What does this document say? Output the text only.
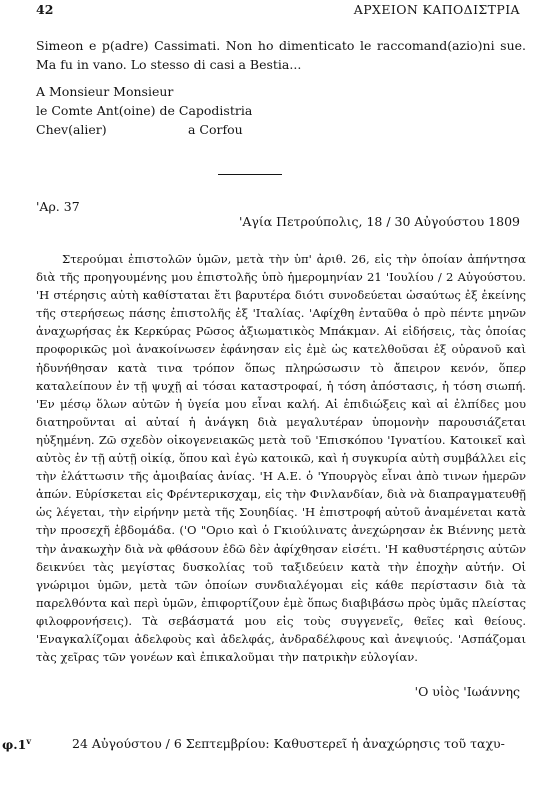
42	ΑΡΧΕΙΟΝ ΚΑΠΟΔΙΣΤΡΙΑ
Simeon e p(adre) Cassimati. Non ho dimenticato le raccomand(azio)ni sue. Ma fu in vano. Lo stesso di casi a Bestia...
A Monsieur Monsieur
le Comte Ant(oine) de Capodistria
Chev(alier)	a Corfou
'Αρ. 37
'Αγία Πετρούπολις, 18 / 30 Αὐγούστου 1809

Στερούμαι ἐπιστολῶν ὑμῶν, μετὰ τὴν ὑπ' ἀριθ. 26, εἰς τὴν ὁποίαν ἀπήντησα διὰ τῆς προηγουμένης μου ἐπιστολῆς ὑπὸ ἡμερομηνίαν 21 'Ιουλίου / 2 Αὐγούστου. 'Η στέρησις αὐτὴ καθίσταται ἔτι βαρυτέρα διότι συνοδεύεται ὡσαύτως ἐξ ἐκείνης τῆς στερήσεως πάσης ἐπιστολῆς ἐξ 'Ιταλίας. 'Αφίχθη ἐνταῦθα ὁ πρὸ πέντε μηνῶν ἀναχωρήσας ἐκ Κερκύρας Ρῶσος ἀξιωματικὸς Μπάκμαν. Αἱ εἰδήσεις, τὰς ὁποίας προφορικῶς μοὶ ἀνακοίνωσεν ἐφάνησαν εἰς ἐμὲ ὡς κατελθοῦσαι ἐξ οὐρανοῦ καὶ ἠδυνήθησαν κατὰ τινα τρόπον ὅπως πληρώσωσιν τὸ ἄπειρον κενόν, ὅπερ καταλείπουν ἐν τῇ ψυχῇ αἱ τόσαι καταστροφαί, ἡ τόση ἀπόστασις, ἡ τόση σιωπή. 'Εν μέσῳ ὅλων αὐτῶν ἡ ὑγεία μου εἶναι καλή. Αἱ ἐπιδιώξεις καὶ αἱ ἐλπίδες μου διατηροῦνται αἱ αὐταί ἡ ἀνάγκη διὰ μεγαλυτέραν ὑπομονὴν παρουσιάζεται ηὐξημένη. Ζῶ σχεδὸν οἰκογενειακῶς μετὰ τοῦ 'Επισκόπου 'Ιγνατίου. Κατοικεῖ καὶ αὐτὸς ἐν τῇ αὐτῇ οἰκίᾳ, ὅπου καὶ ἐγὼ κατοικῶ, καὶ ἡ συγκυρία αὐτὴ συμβάλλει εἰς τὴν ἐλάττωσιν τῆς ἀμοιβαίας ἀνίας. 'Η Α.Ε. ὁ 'Υπουργὸς εἶναι ἀπὸ τινων ἡμερῶν ἀπών. Εὑρίσκεται εἰς Φρέντερικσχαμ, εἰς τὴν Φινλανδίαν, διὰ νὰ διαπραγματευθῇ ὡς λέγεται, τὴν εἰρήνην μετὰ τῆς Σουηδίας. 'Η ἐπιστροφή αὐτοῦ ἀναμένεται κατὰ τὴν προσεχῆ ἑβδομάδα. ('Ο "Οριο καὶ ὁ Γκιούλινατς ἀνεχώρησαν ἐκ Βιέννης μετὰ τὴν ἀνακωχὴν διὰ νὰ φθάσουν ἐδῶ δὲν ἀφίχθησαν εἰσέτι. 'Η καθυστέρησις αὐτῶν δεικνύει τὰς μεγίστας δυσκολίας τοῦ ταξιδεύειν κατὰ τὴν ἐποχὴν αὐτήν. Οἱ γνώριμοι ὑμῶν, μετὰ τῶν ὁποίων συνδιαλέγομαι εἰς κάθε περίστασιν διὰ τὰ παρελθόντα καὶ περὶ ὑμῶν, ἐπιφορτίζουν ἐμὲ ὅπως διαβιβάσω πρὸς ὑμᾶς πλείστας φιλοφρονήσεις). Τὰ σεβάσματά μου εἰς τοὺς συγγενεῖς, θεῖες καὶ θείους. 'Εναγκαλίζομαι ἀδελφοὺς καὶ ἀδελφάς, ἀνδραδέλφους καὶ ἀνεψιούς. 'Ασπάζομαι τὰς χεῖρας τῶν γονέων καὶ ἐπικαλοῦμαι τὴν πατρικὴν εὐλογίαν.

'Ο υἱὸς 'Ιωάννης
φ.1$^v$	24 Αὐγούστου / 6 Σεπτεμβρίου: Καθυστερεῖ ἡ ἀναχώρησις τοῦ ταχυ-
